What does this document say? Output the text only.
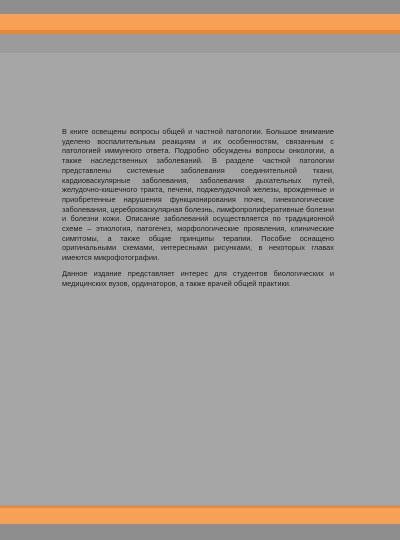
В книге освещены вопросы общей и частной патологии. Большое внимание уделено воспалительным реакциям и их особенностям, связанным с патологией иммунного ответа. Подробно обсуждены вопросы онкологии, а также наследственных заболеваний. В разделе частной патологии представлены системные заболевания соединительной ткани, кардиоваскулярные заболевания, заболевания дыхательных путей, желудочно-кишечного тракта, печени, поджелудочной железы, врожденные и приобретенные нарушения функционирования почек, гинекологические заболевания, цереброваскулярная болезнь, лимфопролиферативные болезни и болезни кожи. Описание заболеваний осуществляется по традиционной схеме – этиология, патогенез, морфологические проявления, клинические симптомы, а также общие принципы терапии. Пособие оснащено оригинальными схемами, интересными рисунками, в некоторых главах имеются микрофотографии.

Данное издание представляет интерес для студентов биологических и медицинских вузов, ординаторов, а также врачей общей практики.
